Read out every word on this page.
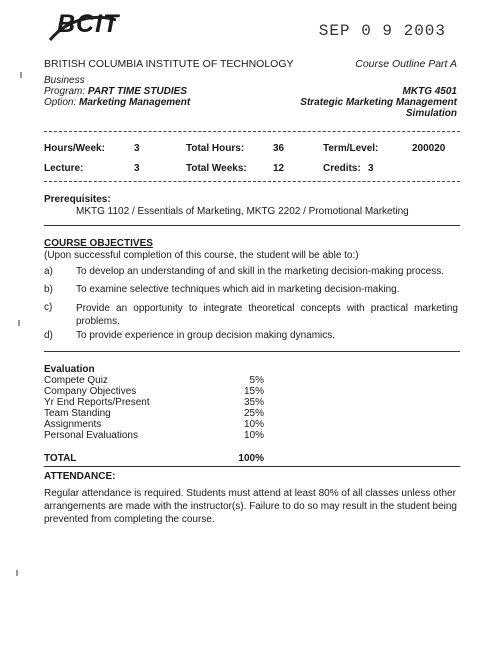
BCIT	SEP 0 9 2003
BRITISH COLUMBIA INSTITUTE OF TECHNOLOGY	Course Outline Part A
Business
Program: PART TIME STUDIES
Option: Marketing Management
MKTG 4501
Strategic Marketing Management
Simulation
Hours/Week:	3	Total Hours:	36	Term/Level:	200020
Lecture:	3	Total Weeks:	12	Credits: 3
Prerequisites:
MKTG 1102 / Essentials of Marketing, MKTG 2202 / Promotional Marketing
COURSE OBJECTIVES
(Upon successful completion of this course, the student will be able to:)
a) To develop an understanding of and skill in the marketing decision-making process.
b) To examine selective techniques which aid in marketing decision-making.
c) Provide an opportunity to integrate theoretical concepts with practical marketing problems.
d) To provide experience in group decision making dynamics.
Evaluation
Compete Quiz	5%
Company Objectives	15%
Yr End Reports/Present	35%
Team Standing	25%
Assignments	10%
Personal Evaluations	10%
TOTAL	100%
ATTENDANCE:
Regular attendance is required. Students must attend at least 80% of all classes unless other arrangements are made with the instructor(s). Failure to do so may result in the student being prevented from completing the course.
